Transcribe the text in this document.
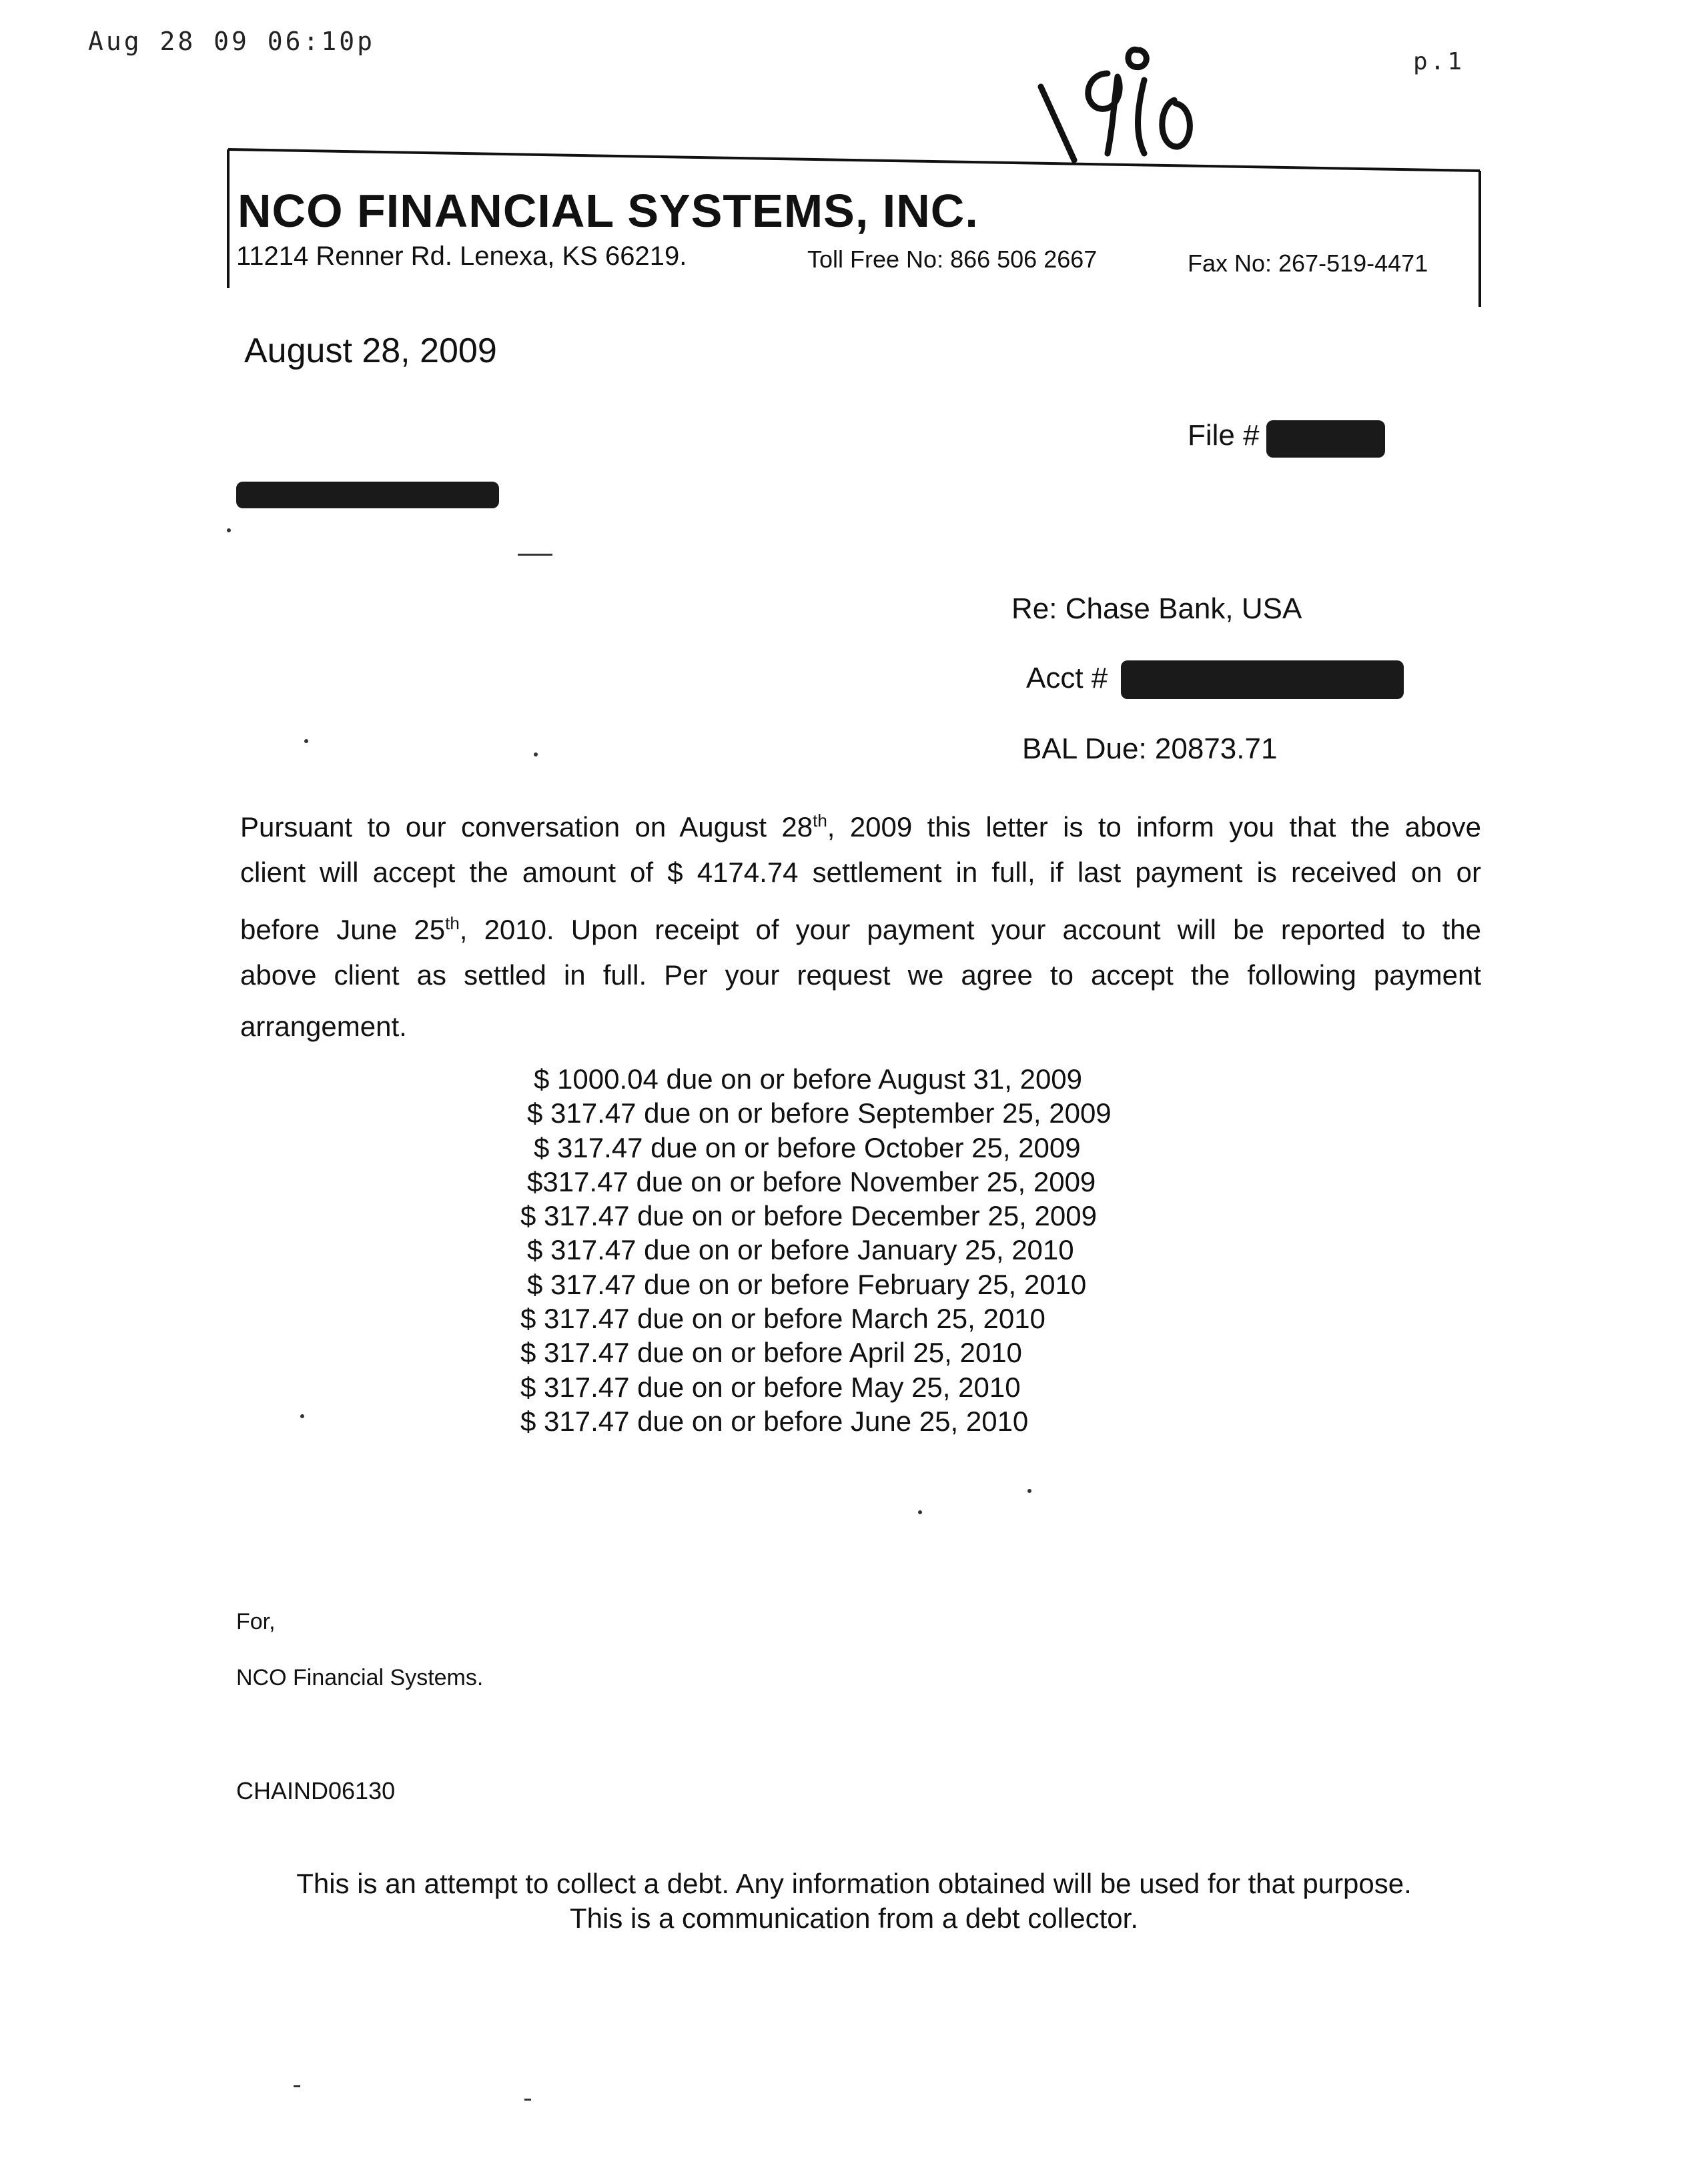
Aug 28 09 06:10p
p.1
NCO FINANCIAL SYSTEMS, INC.
11214 Renner Rd. Lenexa, KS 66219.	Toll Free No: 866 506 2667	Fax No: 267-519-4471
August 28, 2009
File #
Re: Chase Bank, USA
Acct #
BAL Due: 20873.71
Pursuant to our conversation on August 28th, 2009 this letter is to inform you that the above
client will accept the amount of $ 4174.74 settlement in full, if last payment is received on or
before June 25th, 2010. Upon receipt of your payment your account will be reported to the
above client as settled in full. Per your request we agree to accept the following payment
arrangement.
$ 1000.04 due on or before August 31, 2009
$ 317.47 due on or before September 25, 2009
$ 317.47 due on or before October 25, 2009
$317.47 due on or before November 25, 2009
$ 317.47 due on or before December 25, 2009
$ 317.47 due on or before January 25, 2010
$ 317.47 due on or before February 25, 2010
$ 317.47 due on or before March 25, 2010
$ 317.47 due on or before April 25, 2010
$ 317.47 due on or before May 25, 2010
$ 317.47 due on or before June 25, 2010
For,
NCO Financial Systems.
CHAIND06130
This is an attempt to collect a debt. Any information obtained will be used for that purpose.
This is a communication from a debt collector.
